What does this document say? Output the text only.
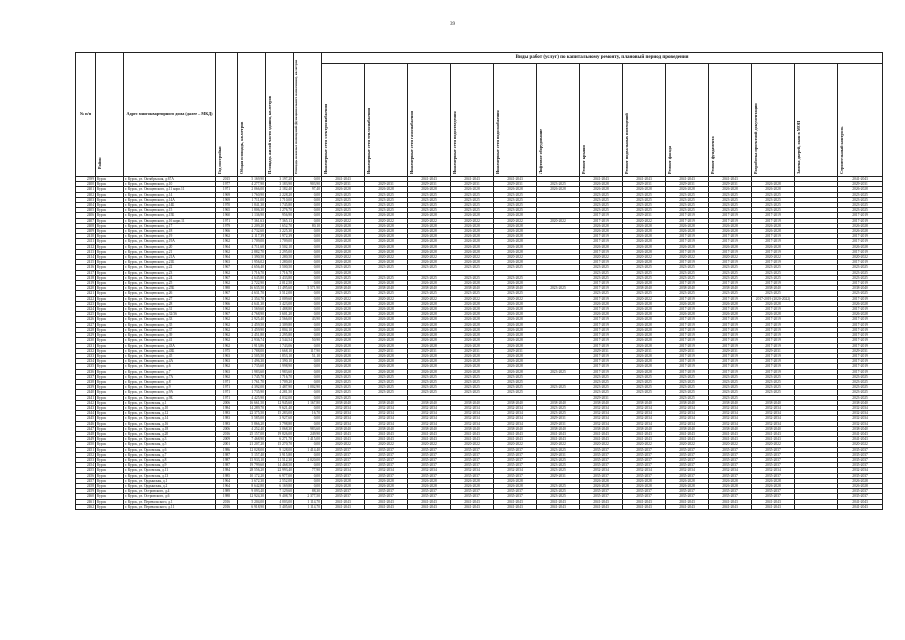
39
№ п/п	Район	Адрес многоквартирного дома (далее – МКД)	Год постройки	Общая площадь, кв.метров	Площадь жилой части здания, кв.метров	Площадь нежилых помещений (функционального назначения), кв.метров	Виды работ (услуг) по капитальному ремонту, плановый период проведения												

							Инженерные сети электроснабжения	Инженерные сети теплоснабжения	Инженерные сети газоснабжения	Инженерные сети водоотведения	Инженерные сети водоснабжения	Лифтовое оборудование	Ремонт крыши	Ремонт подвальных помещений	Ремонт фасада	Ремонт фундамента	Разработка проектной документации	Замена дверей, окон в МОП	Строительный контроль

2399	Курск	г. Курск, ул. Октябрьская, д.67А	2015	5 169,90	3 197,20	0,00	2041-2043		2041-2043	2041-2043	2041-2043		2041-2043	2041-2043	2041-2043	2041-2043			2041-2043
2400	Курск	г. Курск, ул. Овощевского, д.10	1977	4 277,90	3 183,90	903,90	2029-2031	2029-2031	2029-2031	2029-2031	2029-2031	2023-2025	2026-2028	2029-2031	2029-2031	2029-2031	2026-2028		2029-2031
2401	Курск	г. Курск, ул. Овощевского, д.11 корп.11	1971	2 066,00	2 182,40	97,40	2026-2028	2026-2028	2026-2028	2026-2028	2026-2028	2026-2028	2026-2028	2026-2028	2026-2028	2026-2028	2026-2028		2026-2028
2402	Курск	г. Курск, ул. Овощевского, д.14	1969	1 760,90	2 228,20	0,00	2023-2025	2023-2025	2023-2025	2023-2025	2023-2025		2023-2025	2023-2025	2023-2025	2023-2025	2023-2025		2023-2025
2403	Курск	г. Курск, ул. Овощевского, д.14А	1969	1 711,00	1 710,00	0,00	2023-2025	2023-2025	2023-2025	2023-2025	2023-2025		2023-2025	2023-2025	2023-2025	2023-2025	2023-2025		2023-2025
2404	Курск	г. Курск, ул. Овощевского, д.14Б	1970	1 841,30	1 745,80	0,00	2023-2025	2023-2025	2023-2025	2023-2025	2023-2025		2023-2025	2023-2025	2023-2025	2023-2025	2023-2025		2023-2025
2405	Курск	г. Курск, ул. Овощевского, д.15	1965	1 806,30	1 276,70	0,00	2023-2025	2023-2025	2023-2025	2023-2025	2023-2025		2023-2025	2023-2025	2023-2025	2023-2025	2023-2025		2023-2025
2406	Курск	г. Курск, ул. Овощевского, д.15Б	1960	1 136,90	956,90	0,00	2026-2028	2026-2028	2026-2028	2026-2028	2026-2028		2017-2019	2029-2031	2017-2019	2017-2019	2017-2019		2017-2019
2407	Курск	г. Курск, ул. Овощевского, д.16 корп.11	1971	7 361,63	7 365,13	0,00	2020-2022	2020-2022	2020-2022	2020-2022	2020-2022	2020-2022	2017-2019	2020-2022	2017-2019	2017-2019	2017-2019		2017-2019
2408	Курск	г. Курск, ул. Овощевского, д.17	1979	2 209,20	1 652,70	80,10	2026-2028	2026-2028	2026-2028	2026-2028	2026-2028		2026-2028	2026-2028	2026-2028	2026-2028	2026-2028		2026-2028
2409	Курск	г. Курск, ул. Овощевского, д.18	1966	4 732,60	3 225,30	0,00	2026-2028	2026-2028	2026-2028	2026-2028	2026-2028		2026-2028	2026-2028	2026-2028	2026-2028	2026-2028		2026-2028
2410	Курск	г. Курск, ул. Овощевского, д.19	1962	2 117,39	1 972,39	0,00	2026-2028	2026-2028	2026-2028	2026-2028	2026-2028		2017-2019	2026-2028	2017-2019	2017-2019	2017-2019		2017-2019
2411	Курск	г. Курск, ул. Овощевского, д.19А	1962	1 709,00	1 709,00	0,00	2026-2028	2026-2028	2026-2028	2026-2028	2026-2028		2017-2019	2026-2028	2017-2019	2017-2019	2017-2019		2017-2019
2412	Курск	г. Курск, ул. Овощевского, д.20	1964	4 711,60	3 502,10	0,00	2026-2028	2026-2028	2026-2028	2026-2028	2026-2028		2026-2028	2026-2028	2026-2028	2026-2028	2026-2028		2026-2028
2413	Курск	г. Курск, ул. Овощевского, д.21	1962	2 882,70	2 295,00	0,00	2026-2028	2026-2028	2026-2028	2026-2028	2026-2028		2017-2019	2026-2028	2017-2019	2017-2019	2017-2019		2017-2019
2414	Курск	г. Курск, ул. Овощевского, д.21А	1964	1 390,50	1 280,50	0,00	2020-2022	2020-2022	2020-2022	2020-2022	2020-2022		2020-2022	2020-2022	2020-2022	2020-2022	2020-2022		2020-2022
2415	Курск	г. Курск, ул. Овощевского, д.21Б	1963	1 956,02	1 280,00	0,00	2026-2028	2026-2028	2026-2028	2026-2028	2026-2028		2017-2019	2026-2028	2017-2019	2017-2019	2017-2019		2017-2019
2416	Курск	г. Курск, ул. Овощевского, д.22	1967	4 656,40	3 500,50	0,00	2023-2025	2023-2025	2023-2025	2023-2025	2023-2025		2023-2025	2023-2025	2023-2025	2023-2025	2023-2025		2023-2025
2417	Курск	г. Курск, ул. Овощевского, д.23	1962	1 716,70	1 716,70	0,00	2026-2028						2023-2025	2023-2025	2023-2025	2023-2025	2023-2025		2023-2025
2418	Курск	г. Курск, ул. Овощевского, д.24	1967	4 645,80	3 433,80	0,00	2023-2025	2023-2025	2023-2025	2023-2025	2023-2025		2023-2025	2023-2025	2023-2025	2023-2025	2023-2025		2023-2025
2419	Курск	г. Курск, ул. Овощевского, д.25	1962	2 722,90	2 012,50	0,00	2026-2028	2026-2028	2026-2028	2026-2028	2026-2028		2017-2019	2026-2028	2017-2019	2017-2019	2017-2019		2017-2019
2420	Курск	г. Курск, ул. Овощевского, д.25Б	1988	16 635,50	11 495,60	5 571,90	2038-2040	2038-2040	2038-2040	2038-2040	2038-2040	2023-2025	2017-2019	2038-2040	2038-2040	2038-2040	2038-2040		2038-2040
2421	Курск	г. Курск, ул. Овощевского, д.26	1967	4 631,70	3 512,00	0,00	2023-2025	2023-2025	2023-2025	2023-2025	2023-2025		2023-2025	2023-2025	2023-2025	2023-2025	2023-2025		2023-2025
2422	Курск	г. Курск, ул. Овощевского, д.27	1962	2 354,70	2 009,60	0,00	2020-2022	2020-2022	2020-2022	2020-2022	2020-2022		2017-2019	2020-2022	2017-2019	2017-2019	2017-2019 (2020-2022)		2017-2019
2423	Курск	г. Курск, ул. Овощевского, д.28	1966	4 641,30	3 423,00	0,00	2026-2028	2026-2028	2026-2028	2026-2028	2026-2028		2026-2028	2026-2028	2026-2028	2026-2028	2026-2028		2026-2028
2424	Курск	г. Курск, ул. Овощевского, д.31	1962	1 569,60	1 488,80	0,00	2026-2028	2026-2028	2026-2028	2026-2028	2026-2028		2017-2019	2026-2028	2017-2019	2017-2019	2017-2019		2017-2019
2425	Курск	г. Курск, ул. Овощевского, д.32/36	1967	4 768,90	3 601,20	0,00	2026-2028	2026-2028	2026-2028	2026-2028	2026-2028		2026-2028	2026-2028	2026-2028	2026-2028	2026-2028		2026-2028
2426	Курск	г. Курск, ул. Овощевского, д.33	1962	2 925,40	2 566,00	43,90	2026-2028	2026-2028	2026-2028	2026-2028	2026-2028		2017-2019	2026-2028	2017-2019	2017-2019	2017-2019		2017-2019
2427	Курск	г. Курск, ул. Овощевского, д.35	1962	2 459,50	2 309,80	0,00	2026-2028	2026-2028	2026-2028	2026-2028	2026-2028		2017-2019	2026-2028	2017-2019	2017-2019	2017-2019		2017-2019
2428	Курск	г. Курск, ул. Овощевского, д.37	1962	3 459,90	2 804,10	0,00	2026-2028	2026-2028	2026-2028	2026-2028	2026-2028		2017-2019	2026-2028	2017-2019	2017-2019	2017-2019		2017-2019
2429	Курск	г. Курск, ул. Овощевского, д.39	1962	2 451,80	2 295,80	0,00	2026-2028	2026-2028	2026-2028	2026-2028	2026-2028		2017-2019	2026-2028	2017-2019	2017-2019	2017-2019		2017-2019
2430	Курск	г. Курск, ул. Овощевского, д.41	1962	2 936,74	2 544,54	50,90	2026-2028	2026-2028	2026-2028	2026-2028	2026-2028		2017-2019	2026-2028	2017-2019	2017-2019	2017-2019		2017-2019
2431	Курск	г. Курск, ул. Овощевского, д.43А	1962	1 913,86	1 743,06	0,00	2026-2028	2026-2028	2026-2028	2026-2028	2026-2028		2017-2019	2026-2028	2017-2019	2017-2019	2017-2019		2017-2019
2432	Курск	г. Курск, ул. Овощевского, д.43Б	1975	1 788,00	1 668,10	117,90	2029-2031	2029-2031	2029-2031	2029-2031	2029-2031		2029-2031	2029-2031	2029-2031	2029-2031	2029-2031		2029-2031
2433	Курск	г. Курск, ул. Овощевского, д.45	1963	2 505,50	1 853,10	51,10	2026-2028	2026-2028	2026-2028	2026-2028	2026-2028		2017-2019	2026-2028	2017-2019	2017-2019	2017-2019		2017-2019
2434	Курск	г. Курск, ул. Овощевского, д.4А	1963	1 496,30	1 390,10	0,00	2026-2028	2026-2028	2026-2028	2026-2028	2026-2028		2017-2019	2026-2028	2017-2019	2017-2019	2017-2019		2017-2019
2435	Курск	г. Курск, ул. Овощевского, д.6	1962	1 735,60	1 998,90	0,00	2026-2028	2026-2028	2026-2028	2026-2028	2026-2028		2017-2019	2026-2028	2017-2019	2017-2019	2017-2019		2017-2019
2436	Курск	г. Курск, ул. Овощевского, д.7	1963	1 983,60	1 983,60	0,00	2026-2028	2026-2028	2026-2028	2026-2028	2026-2028	2023-2025	2017-2019	2026-2028	2017-2019	2017-2019	2017-2019		2017-2019
2437	Курск	г. Курск, ул. Овощевского, д.7А	1962	1 745,70	1 716,70	0,00	2023-2025	2023-2025	2023-2025	2023-2025	2023-2025		2023-2025	2023-2025	2023-2025	2023-2025	2023-2025		2023-2025
2438	Курск	г. Курск, ул. Овощевского, д.8	1971	1 761,70	1 709,20	0,00	2023-2025	2023-2025	2023-2025	2023-2025	2023-2025		2023-2025	2023-2025	2023-2025	2023-2025	2023-2025		2023-2025
2439	Курск	г. Курск, ул. Овощевского, д.9	1971	4 392,00	3 487,90	1 002,90	2023-2025	2023-2025	2023-2025	2023-2025	2023-2025	2023-2025	2023-2025	2023-2025	2023-2025	2023-2025	2023-2025		2023-2025
2440	Курск	г. Курск, ул. Овощевского, д.9А	1971	1 735,90	4 281,50	0,00	2023-2025	2023-2025	2023-2025	2023-2025	2023-2025		2023-2025	2023-2025	2023-2025	2023-2025	2023-2025		2023-2025
2441	Курск	г. Курск, ул. Овощевского, д.9Б	1971	4 425,90	4 032,00	0,00	2023-2025						2029-2031		2023-2025	2023-2025			2023-2025
2442	Курск	г. Курск, ул. Орловская, д.1	2006	16 661,50	12 945,60	1 167,80	2038-2040	2038-2040	2038-2040	2038-2040	2038-2040	2038-2040	2038-2040	2038-2040	2038-2040	2038-2040	2038-2040		2038-2040
2443	Курск	г. Курск, ул. Орловская, д.10	1984	14 289,70	9 621,40	0,00	2032-2034	2032-2034	2032-2034	2032-2034	2032-2034	2023-2025	2032-2034	2032-2034	2032-2034	2032-2034	2032-2034		2032-2034
2444	Курск	г. Курск, ул. Орловская, д.12	1983	22 375,50	15 283,00	16,70	2032-2034	2032-2034	2032-2034	2032-2034	2032-2034	2023-2025	2032-2034	2032-2034	2032-2034	2032-2034	2032-2034		2032-2034
2445	Курск	г. Курск, ул. Орловская, д.14	1983	5 585,00	3 927,60	0,00	2032-2034	2032-2034	2032-2034	2032-2034	2032-2034	2029-2031	2032-2034	2032-2034	2032-2034	2032-2034	2032-2034		2032-2034
2446	Курск	г. Курск, ул. Орловская, д.16	1983	5 866,20	3 798,80	0,00	2032-2034	2032-2034	2032-2034	2032-2034	2032-2034	2029-2031	2032-2034	2032-2034	2032-2034	2032-2034	2032-2034		2032-2034
2447	Курск	г. Курск, ул. Орловская, д.18	2006	4 252,40	3 068,30	983,60	2038-2040	2038-2040	2038-2040	2038-2040	2038-2040	2038-2040	2038-2040	2038-2040	2038-2040	2038-2040	2038-2040		2038-2040
2448	Курск	г. Курск, ул. Орловская, д.20	2016	25 157,00	19 826,00	249,90	2041-2043	2041-2043	2041-2043	2041-2043	2041-2043	2041-2043	2041-2043	2041-2043	2041-2043	2041-2043	2041-2043		2041-2043
2449	Курск	г. Курск, ул. Орловская, д.3	2009	7 468,90	6 271,70	1 415,00	2041-2043	2041-2043	2041-2043	2041-2043	2041-2043	2041-2043	2041-2043	2041-2043	2041-2043	2041-2043	2041-2043		2041-2043
2450	Курск	г. Курск, ул. Орловская, д.5	2001	21 207,20	15 270,70	0,00	2020-2022	2020-2022	2020-2022	2020-2022	2020-2022	2020-2022	2020-2022	2020-2022	2020-2022	2020-2022	2020-2022		2020-2022
2451	Курск	г. Курск, ул. Орловская, д.6	1986	12 028,00	9 128,00	1 414,40	2035-2037	2035-2037	2035-2037	2035-2037	2035-2037	2023-2025	2035-2037	2035-2037	2035-2037	2035-2037	2035-2037		2035-2037
2452	Курск	г. Курск, ул. Орловская, д.7	1987	5 157,40	3 915,80	0,00	2035-2037	2035-2037	2035-2037	2035-2037	2035-2037	2029-2031	2035-2037	2035-2037	2035-2037	2035-2037	2035-2037		2035-2037
2453	Курск	г. Курск, ул. Орловская, д.8	1987	15 933,10	11 512,30	4 020,00	2035-2037	2035-2037	2035-2037	2035-2037	2035-2037	2023-2025	2035-2037	2035-2037	2035-2037	2035-2037	2035-2037		2035-2037
2454	Курск	г. Курск, ул. Орловская, д.9	1987	19 799,60	14 468,50	0,00	2035-2037	2035-2037	2035-2037	2035-2037	2035-2037	2023-2025	2035-2037	2035-2037	2035-2037	2035-2037	2035-2037		2035-2037
2455	Курск	г. Курск, ул. Орловская, д.11	1984	28 556,20	22 993,40	77,90	2032-2034	2032-2034	2032-2034	2032-2034	2032-2034	2023-2025	2032-2034	2032-2034	2032-2034	2032-2034	2032-2034		2032-2034
2456	Курск	г. Курск, ул. Орловская, д.13	1985	10 172,20	6 977,00	0,00	2035-2037	2035-2037	2035-2037	2035-2037	2035-2037	2029-2031	2035-2037	2035-2037	2035-2037	2035-2037	2035-2037		2035-2037
2457	Курск	г. Курск, ул. Ордынская, д.1	1964	3 672,30	2 552,00	0,00	2026-2028	2026-2028	2026-2028	2026-2028	2026-2028		2026-2028	2026-2028	2026-2028	2026-2028	2026-2028		2026-2028
2458	Курск	г. Курск, ул. Ордынская, д.2	1964	8 642,80	6 169,80	0,00	2026-2028	2026-2028	2026-2028	2026-2028	2026-2028	2023-2025	2026-2028	2026-2028	2026-2028	2026-2028	2026-2028		2026-2028
2459	Курск	г. Курск, ул. Островского, д.4	1989	9 093,40	7 129,60	88,30	2035-2037	2035-2037	2035-2037	2035-2037	2035-2037	2023-2025	2035-2037	2035-2037	2035-2037	2035-2037	2035-2037		2035-2037
2460	Курск	г. Курск, ул. Островского, д.6	1988	12 924,30	9 408,70	2 377,50	2035-2037	2035-2037	2035-2037	2035-2037	2035-2037	2023-2025	2035-2037	2035-2037	2035-2037	2035-2037	2035-2037		2035-2037
2461	Курск	г. Курск, ул. Перевальского, д.1	2016	5 204,00	4 003,00	1 114,70	2041-2043	2041-2043	2041-2043	2041-2043	2041-2043	2041-2043	2041-2043	2041-2043	2041-2043	2041-2043	2041-2043		2041-2043
2462	Курск	г. Курск, ул. Перевальского, д.11	2016	6 918,90	5 405,60	1 114,70	2041-2043	2041-2043	2041-2043	2041-2043	2041-2043	2041-2043	2041-2043	2041-2043	2041-2043	2041-2043	2041-2043		2041-2043
